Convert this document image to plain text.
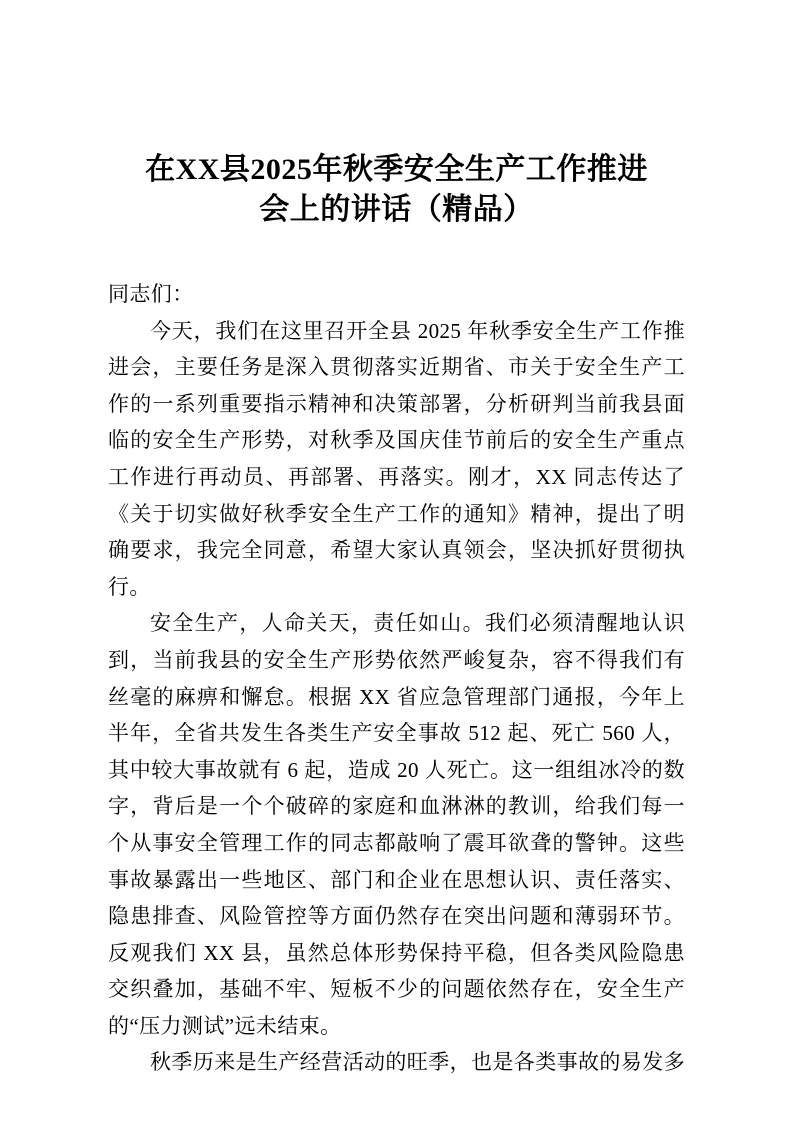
在XX县2025年秋季安全生产工作推进
会上的讲话（精品）

同志们：

今天，我们在这里召开全县 2025 年秋季安全生产工作推进会，主要任务是深入贯彻落实近期省、市关于安全生产工作的一系列重要指示精神和决策部署，分析研判当前我县面临的安全生产形势，对秋季及国庆佳节前后的安全生产重点工作进行再动员、再部署、再落实。刚才，XX 同志传达了《关于切实做好秋季安全生产工作的通知》精神，提出了明确要求，我完全同意，希望大家认真领会，坚决抓好贯彻执行。

安全生产，人命关天，责任如山。我们必须清醒地认识到，当前我县的安全生产形势依然严峻复杂，容不得我们有丝毫的麻痹和懈怠。根据 XX 省应急管理部门通报，今年上半年，全省共发生各类生产安全事故 512 起、死亡 560 人，其中较大事故就有 6 起，造成 20 人死亡。这一组组冰冷的数字，背后是一个个破碎的家庭和血淋淋的教训，给我们每一个从事安全管理工作的同志都敲响了震耳欲聋的警钟。这些事故暴露出一些地区、部门和企业在思想认识、责任落实、隐患排查、风险管控等方面仍然存在突出问题和薄弱环节。反观我们 XX 县，虽然总体形势保持平稳，但各类风险隐患交织叠加，基础不牢、短板不少的问题依然存在，安全生产的“压力测试”远未结束。

秋季历来是生产经营活动的旺季，也是各类事故的易发多
